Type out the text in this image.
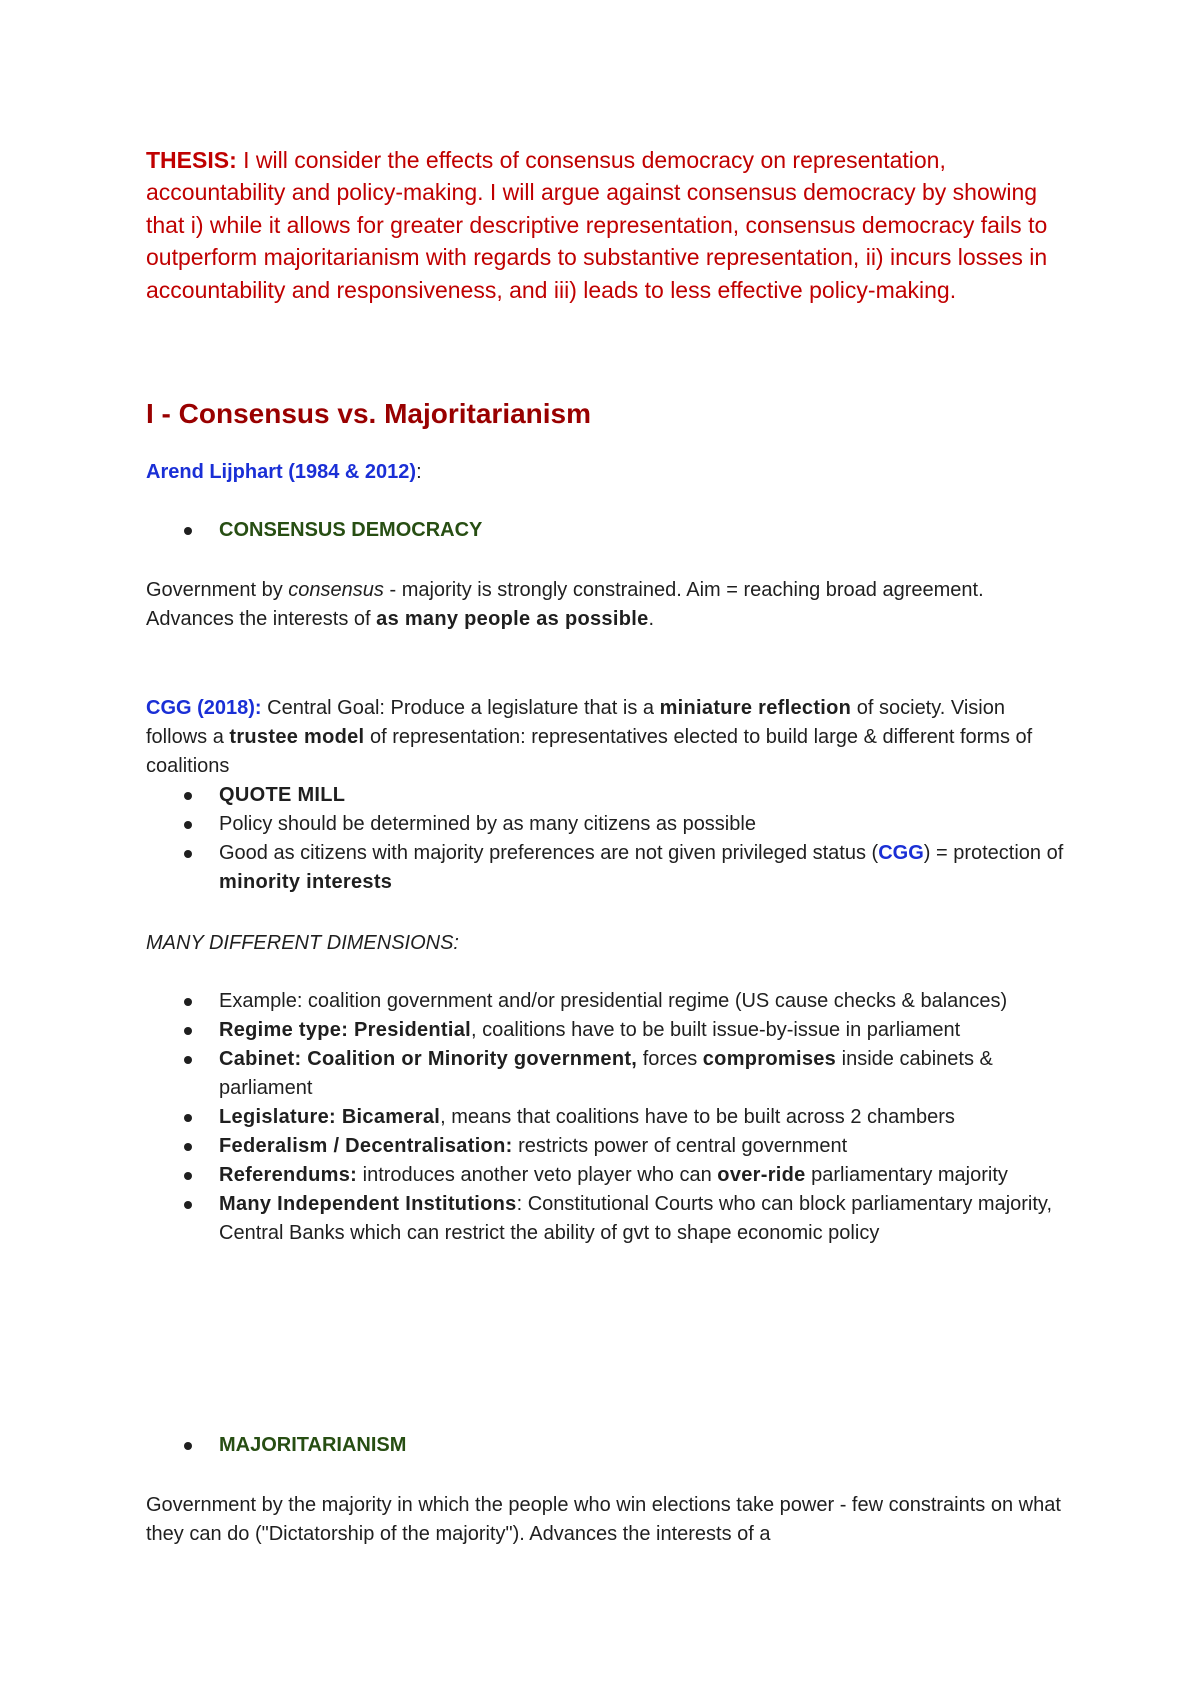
THESIS: I will consider the effects of consensus democracy on representation, accountability and policy-making. I will argue against consensus democracy by showing that i) while it allows for greater descriptive representation, consensus democracy fails to outperform majoritarianism with regards to substantive representation, ii) incurs losses in accountability and responsiveness, and iii) leads to less effective policy-making.

I - Consensus vs. Majoritarianism

Arend Lijphart (1984 & 2012):

CONSENSUS DEMOCRACY

Government by consensus - majority is strongly constrained. Aim = reaching broad agreement. Advances the interests of as many people as possible.

CGG (2018): Central Goal: Produce a legislature that is a miniature reflection of society. Vision follows a trustee model of representation: representatives elected to build large & different forms of coalitions

QUOTE MILL
Policy should be determined by as many citizens as possible
Good as citizens with majority preferences are not given privileged status (CGG) = protection of minority interests

MANY DIFFERENT DIMENSIONS:

Example: coalition government and/or presidential regime (US cause checks & balances)
Regime type: Presidential, coalitions have to be built issue-by-issue in parliament
Cabinet: Coalition or Minority government, forces compromises inside cabinets & parliament
Legislature: Bicameral, means that coalitions have to be built across 2 chambers
Federalism / Decentralisation: restricts power of central government
Referendums: introduces another veto player who can over-ride parliamentary majority
Many Independent Institutions: Constitutional Courts who can block parliamentary majority, Central Banks which can restrict the ability of gvt to shape economic policy
MAJORITARIANISM

Government by the majority in which the people who win elections take power - few constraints on what they can do ("Dictatorship of the majority"). Advances the interests of a
